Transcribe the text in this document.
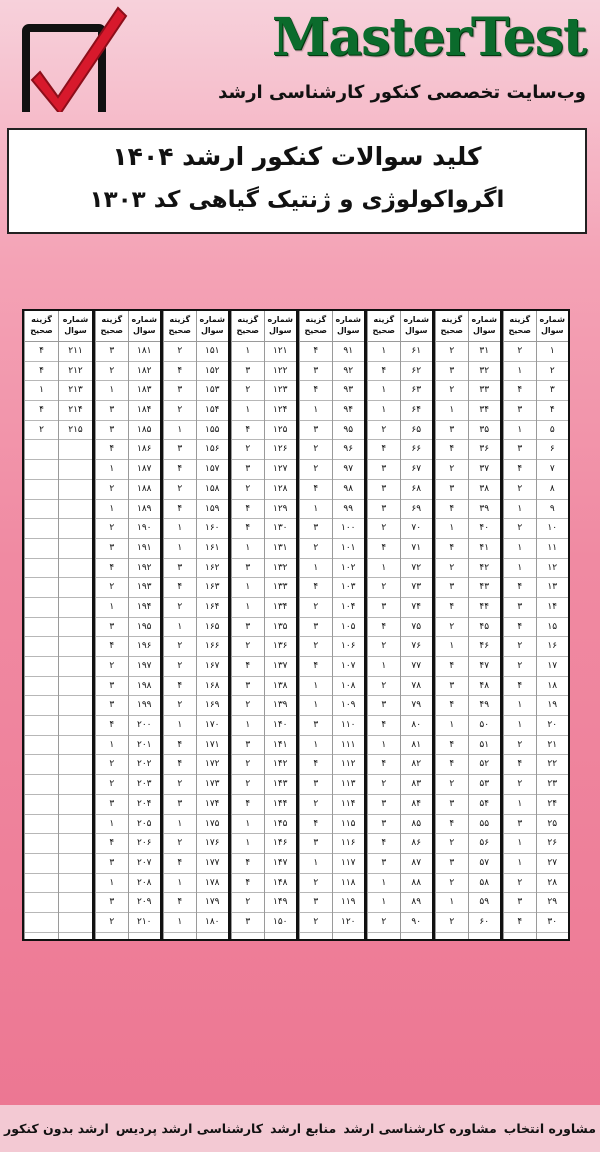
MasterTest
وب‌سایت تخصصی کنکور کارشناسی ارشد
کلید سوالات کنکور ارشد ۱۴۰۴
اگرواکولوژی و ژنتیک گیاهی کد ۱۳۰۳
شماره سوال
۱
۲
۳
۴
۵
۶
۷
۸
۹
۱۰
۱۱
۱۲
۱۳
۱۴
۱۵
۱۶
۱۷
۱۸
۱۹
۲۰
۲۱
۲۲
۲۳
۲۴
۲۵
۲۶
۲۷
۲۸
۲۹
۳۰
گزینه صحیح
۲
۱
۴
۳
۱
۳
۴
۲
۱
۲
۱
۱
۴
۳
۴
۲
۲
۴
۱
۱
۲
۴
۲
۱
۳
۱
۱
۲
۳
۴
شماره سوال
۳۱
۳۲
۳۳
۳۴
۳۵
۳۶
۳۷
۳۸
۳۹
۴۰
۴۱
۴۲
۴۳
۴۴
۴۵
۴۶
۴۷
۴۸
۴۹
۵۰
۵۱
۵۲
۵۳
۵۴
۵۵
۵۶
۵۷
۵۸
۵۹
۶۰
گزینه صحیح
۲
۳
۲
۱
۳
۴
۲
۳
۴
۱
۴
۲
۳
۴
۲
۱
۴
۳
۴
۱
۴
۴
۲
۳
۴
۲
۳
۲
۱
۲
شماره سوال
۶۱
۶۲
۶۳
۶۴
۶۵
۶۶
۶۷
۶۸
۶۹
۷۰
۷۱
۷۲
۷۳
۷۴
۷۵
۷۶
۷۷
۷۸
۷۹
۸۰
۸۱
۸۲
۸۳
۸۴
۸۵
۸۶
۸۷
۸۸
۸۹
۹۰
گزینه صحیح
۱
۴
۱
۱
۲
۴
۳
۳
۳
۲
۴
۱
۲
۳
۴
۲
۱
۲
۳
۴
۱
۴
۲
۳
۳
۴
۳
۱
۱
۲
شماره سوال
۹۱
۹۲
۹۳
۹۴
۹۵
۹۶
۹۷
۹۸
۹۹
۱۰۰
۱۰۱
۱۰۲
۱۰۳
۱۰۴
۱۰۵
۱۰۶
۱۰۷
۱۰۸
۱۰۹
۱۱۰
۱۱۱
۱۱۲
۱۱۳
۱۱۴
۱۱۵
۱۱۶
۱۱۷
۱۱۸
۱۱۹
۱۲۰
گزینه صحیح
۴
۳
۴
۱
۳
۲
۲
۴
۱
۳
۲
۱
۴
۲
۳
۲
۴
۱
۱
۳
۱
۴
۳
۲
۴
۳
۱
۲
۳
۲
شماره سوال
۱۲۱
۱۲۲
۱۲۳
۱۲۴
۱۲۵
۱۲۶
۱۲۷
۱۲۸
۱۲۹
۱۳۰
۱۳۱
۱۳۲
۱۳۳
۱۳۴
۱۳۵
۱۳۶
۱۳۷
۱۳۸
۱۳۹
۱۴۰
۱۴۱
۱۴۲
۱۴۳
۱۴۴
۱۴۵
۱۴۶
۱۴۷
۱۴۸
۱۴۹
۱۵۰
گزینه صحیح
۱
۳
۲
۱
۴
۲
۳
۲
۴
۴
۱
۳
۱
۱
۳
۲
۴
۳
۲
۱
۳
۲
۲
۴
۱
۱
۴
۴
۲
۳
شماره سوال
۱۵۱
۱۵۲
۱۵۳
۱۵۴
۱۵۵
۱۵۶
۱۵۷
۱۵۸
۱۵۹
۱۶۰
۱۶۱
۱۶۲
۱۶۳
۱۶۴
۱۶۵
۱۶۶
۱۶۷
۱۶۸
۱۶۹
۱۷۰
۱۷۱
۱۷۲
۱۷۳
۱۷۴
۱۷۵
۱۷۶
۱۷۷
۱۷۸
۱۷۹
۱۸۰
گزینه صحیح
۲
۴
۳
۲
۱
۳
۴
۲
۴
۱
۱
۳
۴
۲
۱
۲
۲
۴
۲
۱
۴
۴
۲
۳
۱
۲
۴
۱
۴
۱
شماره سوال
۱۸۱
۱۸۲
۱۸۳
۱۸۴
۱۸۵
۱۸۶
۱۸۷
۱۸۸
۱۸۹
۱۹۰
۱۹۱
۱۹۲
۱۹۳
۱۹۴
۱۹۵
۱۹۶
۱۹۷
۱۹۸
۱۹۹
۲۰۰
۲۰۱
۲۰۲
۲۰۳
۲۰۴
۲۰۵
۲۰۶
۲۰۷
۲۰۸
۲۰۹
۲۱۰
گزینه صحیح
۳
۲
۱
۳
۳
۴
۱
۲
۱
۲
۳
۴
۲
۱
۳
۴
۲
۳
۳
۴
۱
۲
۲
۳
۱
۴
۳
۱
۳
۲
شماره سوال
۲۱۱
۲۱۲
۲۱۳
۲۱۴
۲۱۵
گزینه صحیح
۴
۴
۱
۴
۲
ارشد بدون کنکور کارشناسی ارشد پردیس منابع ارشد مشاوره کارشناسی ارشد مشاوره انتخاب
